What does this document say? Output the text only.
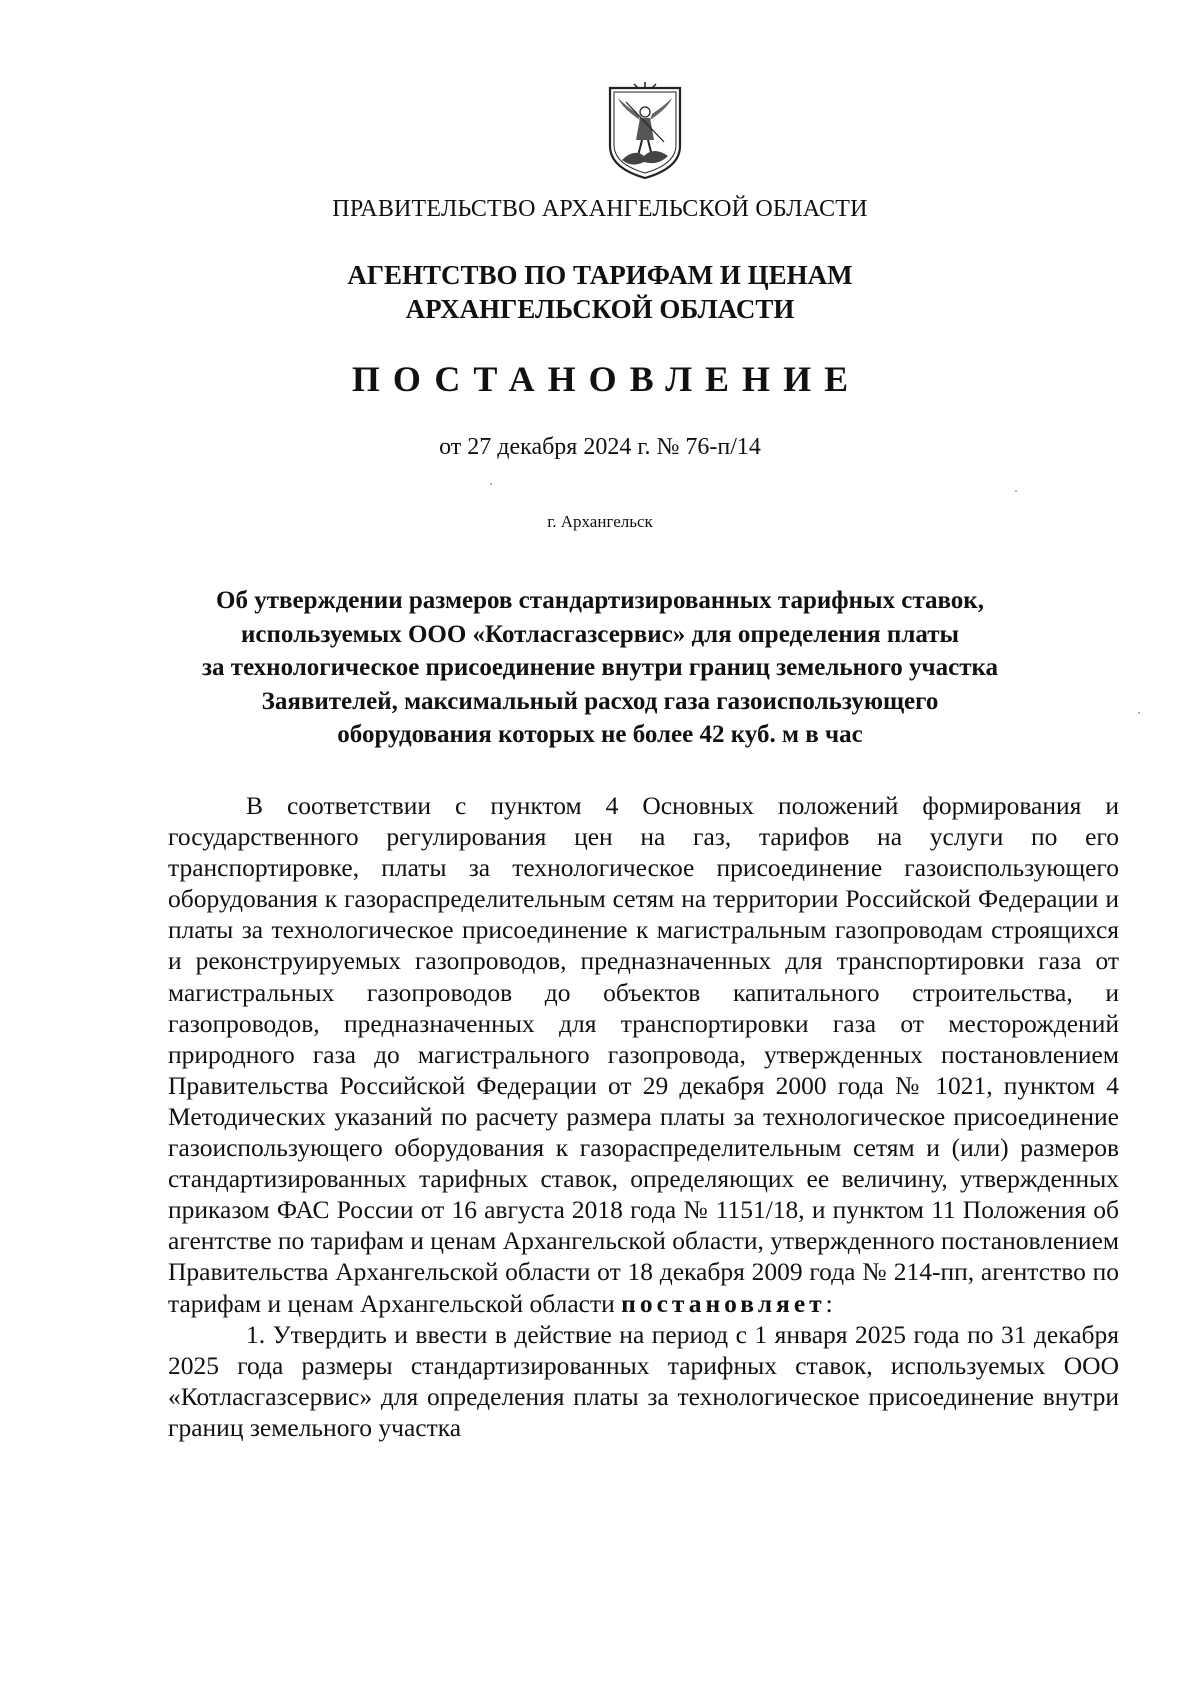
ПРАВИТЕЛЬСТВО АРХАНГЕЛЬСКОЙ ОБЛАСТИ
АГЕНТСТВО ПО ТАРИФАМ И ЦЕНАМ
АРХАНГЕЛЬСКОЙ ОБЛАСТИ
ПОСТАНОВЛЕНИЕ
от 27 декабря 2024 г. № 76-п/14
г. Архангельск
Об утверждении размеров стандартизированных тарифных ставок,
используемых ООО «Котласгазсервис» для определения платы
за технологическое присоединение внутри границ земельного участка
Заявителей, максимальный расход газа газоиспользующего
оборудования которых не более 42 куб. м в час

В соответствии с пунктом 4 Основных положений формирования и государственного регулирования цен на газ, тарифов на услуги по его транспортировке, платы за технологическое присоединение газоиспользующего оборудования к газораспределительным сетям на территории Российской Федерации и платы за технологическое присоединение к магистральным газопроводам строящихся и реконструируемых газопроводов, предназначенных для транспортировки газа от магистральных газопроводов до объектов капитального строительства, и газопроводов, предназначенных для транспортировки газа от месторождений природного газа до магистрального газопровода, утвержденных постановлением Правительства Российской Федерации от 29 декабря 2000 года № 1021, пунктом 4 Методических указаний по расчету размера платы за технологическое присоединение газоиспользующего оборудования к газораспределительным сетям и (или) размеров стандартизированных тарифных ставок, определяющих ее величину, утвержденных приказом ФАС России от 16 августа 2018 года № 1151/18, и пунктом 11 Положения об агентстве по тарифам и ценам Архангельской области, утвержденного постановлением Правительства Архангельской области от 18 декабря 2009 года № 214-пп, агентство по тарифам и ценам Архангельской области постановляет:

1. Утвердить и ввести в действие на период с 1 января 2025 года по 31 декабря 2025 года размеры стандартизированных тарифных ставок, используемых ООО «Котласгазсервис» для определения платы за технологическое присоединение внутри границ земельного участка
